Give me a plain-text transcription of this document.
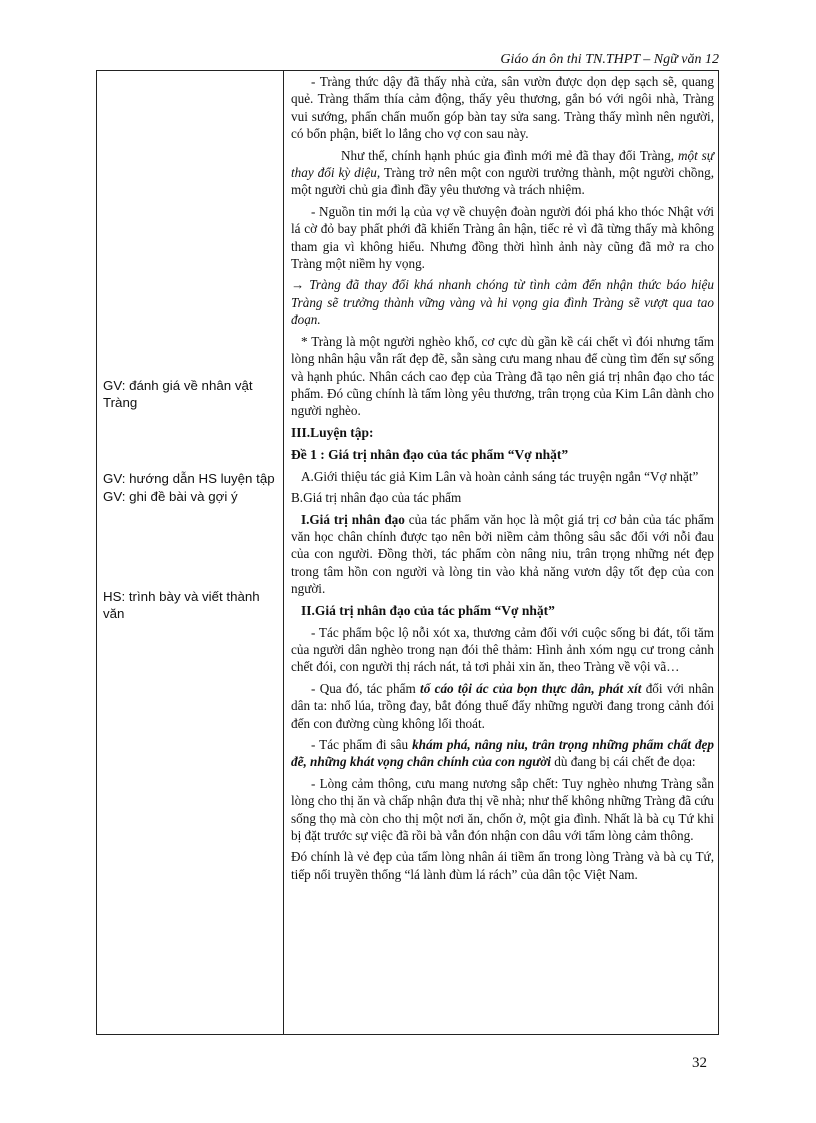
Giáo án ôn thi TN.THPT – Ngữ văn 12
GV: đánh giá về nhân vật Tràng
GV: hướng dẫn HS luyện tập
GV: ghi đề bài và gợi ý
HS: trình bày và viết thành văn

- Tràng thức dậy đã thấy nhà cửa, sân vườn được dọn dẹp sạch sẽ, quang quẻ. Tràng thấm thía cảm động, thấy yêu thương, gắn bó với ngôi nhà, Tràng vui sướng, phấn chấn muốn góp bàn tay sửa sang. Tràng thấy mình nên người, có bổn phận, biết lo lắng cho vợ con sau này.

Như thế, chính hạnh phúc gia đình mới mẻ đã thay đổi Tràng, một sự thay đổi kỳ diệu, Tràng trở nên một con người trưởng thành, một người chồng, một người chủ gia đình đầy yêu thương và trách nhiệm.

- Nguồn tin mới lạ của vợ về chuyện đoàn người đói phá kho thóc Nhật với lá cờ đỏ bay phất phới đã khiến Tràng ân hận, tiếc rẻ vì đã từng thấy mà không tham gia vì không hiểu. Nhưng đồng thời hình ảnh này cũng đã mở ra cho Tràng một niềm hy vọng.

→ Tràng đã thay đổi khá nhanh chóng từ tình cảm đến nhận thức báo hiệu Tràng sẽ trưởng thành vững vàng và hi vọng gia đình Tràng sẽ vượt qua tao đoạn.

* Tràng là một người nghèo khổ, cơ cực dù gần kề cái chết vì đói nhưng tấm lòng nhân hậu vẫn rất đẹp đẽ, sẵn sàng cưu mang nhau để cùng tìm đến sự sống và hạnh phúc. Nhân cách cao đẹp của Tràng đã tạo nên giá trị nhân đạo cho tác phẩm. Đó cũng chính là tấm lòng yêu thương, trân trọng của Kim Lân dành cho người nghèo.

III.Luyện tập:

Đề 1 : Giá trị nhân đạo của tác phẩm “Vợ nhặt”

A.Giới thiệu tác giả Kim Lân và hoàn cảnh sáng tác truyện ngắn “Vợ nhặt”

B.Giá trị nhân đạo của tác phẩm

I.Giá trị nhân đạo của tác phẩm văn học là một giá trị cơ bản của tác phẩm văn học chân chính được tạo nên bởi niềm cảm thông sâu sắc đối với nỗi đau của con người. Đồng thời, tác phẩm còn nâng niu, trân trọng những nét đẹp trong tâm hồn con người và lòng tin vào khả năng vươn dậy tốt đẹp của con người.

II.Giá trị nhân đạo của tác phẩm “Vợ nhặt”

- Tác phẩm bộc lộ nỗi xót xa, thương cảm đối với cuộc sống bi đát, tối tăm của người dân nghèo trong nạn đói thê thảm: Hình ảnh xóm ngụ cư trong cảnh chết đói, con người thị rách nát, tả tơi phải xin ăn, theo Tràng về vội vã…

- Qua đó, tác phẩm tố cáo tội ác của bọn thực dân, phát xít đối với nhân dân ta: nhổ lúa, trồng đay, bắt đóng thuế đẩy những người đang trong cảnh đói đến con đường cùng không lối thoát.

- Tác phẩm đi sâu khám phá, nâng niu, trân trọng những phẩm chất đẹp đẽ, những khát vọng chân chính của con người dù đang bị cái chết đe dọa:

- Lòng cảm thông, cưu mang nương sắp chết: Tuy nghèo nhưng Tràng sẵn lòng cho thị ăn và chấp nhận đưa thị về nhà; như thế không những Tràng đã cứu sống thọ mà còn cho thị một nơi ăn, chốn ở, một gia đình. Nhất là bà cụ Tứ khi bị đặt trước sự việc đã rồi bà vẫn đón nhận con dâu với tấm lòng cảm thông.

Đó chính là vẻ đẹp của tấm lòng nhân ái tiềm ẩn trong lòng Tràng và bà cụ Tứ, tiếp nối truyền thống “lá lành đùm lá rách” của dân tộc Việt Nam.

32
